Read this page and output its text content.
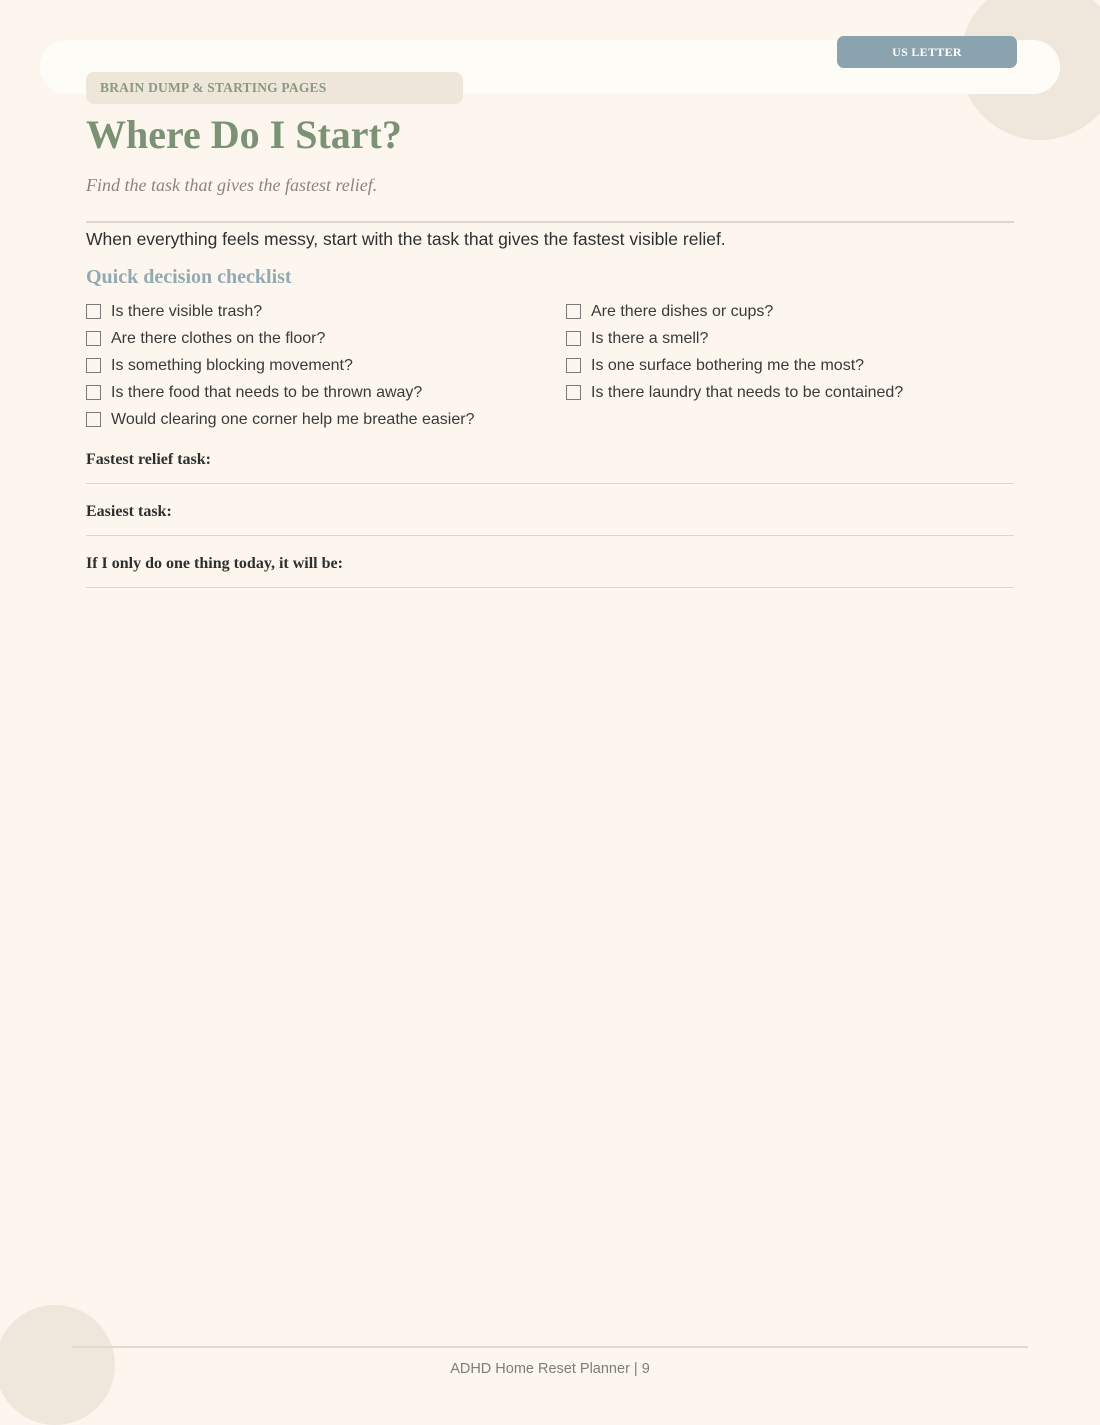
US LETTER
BRAIN DUMP & STARTING PAGES
Where Do I Start?
Find the task that gives the fastest relief.
When everything feels messy, start with the task that gives the fastest visible relief.
Quick decision checklist
Is there visible trash?
Are there clothes on the floor?
Is something blocking movement?
Is there food that needs to be thrown away?
Would clearing one corner help me breathe easier?
Are there dishes or cups?
Is there a smell?
Is one surface bothering me the most?
Is there laundry that needs to be contained?
Fastest relief task:
Easiest task:
If I only do one thing today, it will be:
ADHD Home Reset Planner | 9
